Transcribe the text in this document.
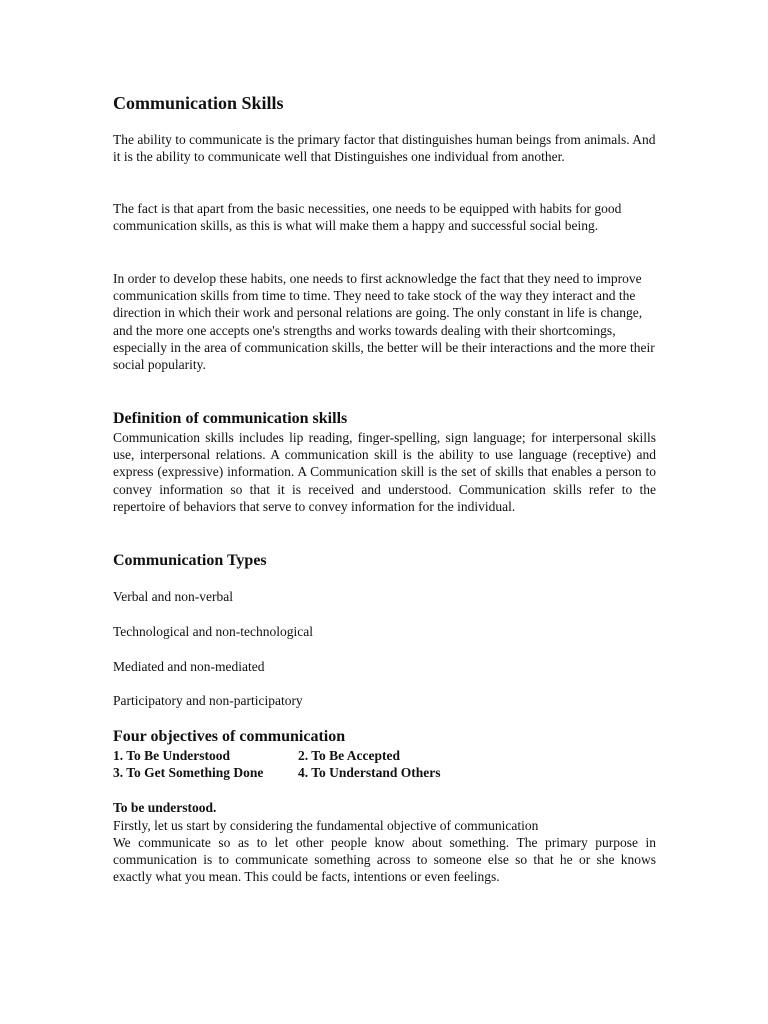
Communication Skills

The ability to communicate is the primary factor that distinguishes human beings from animals. And it is the ability to communicate well that Distinguishes one individual from another.

The fact is that apart from the basic necessities, one needs to be equipped with habits for good communication skills, as this is what will make them a happy and successful social being.

In order to develop these habits, one needs to first acknowledge the fact that they need to improve communication skills from time to time. They need to take stock of the way they interact and the direction in which their work and personal relations are going. The only constant in life is change, and the more one accepts one's strengths and works towards dealing with their shortcomings, especially in the area of communication skills, the better will be their interactions and the more their social popularity.

Definition of communication skills

Communication skills includes lip reading, finger-spelling, sign language; for interpersonal skills use, interpersonal relations. A communication skill is the ability to use language (receptive) and express (expressive) information. A Communication skill is the set of skills that enables a person to convey information so that it is received and understood. Communication skills refer to the repertoire of behaviors that serve to convey information for the individual.

Communication Types

Verbal and non-verbal

Technological and non-technological

Mediated and non-mediated

Participatory and non-participatory

Four objectives of communication
1. To Be Understood	2. To Be Accepted
3. To Get Something Done	4. To Understand Others

To be understood.

Firstly, let us start by considering the fundamental objective of communication

We communicate so as to let other people know about something. The primary purpose in communication is to communicate something across to someone else so that he or she knows exactly what you mean. This could be facts, intentions or even feelings.
